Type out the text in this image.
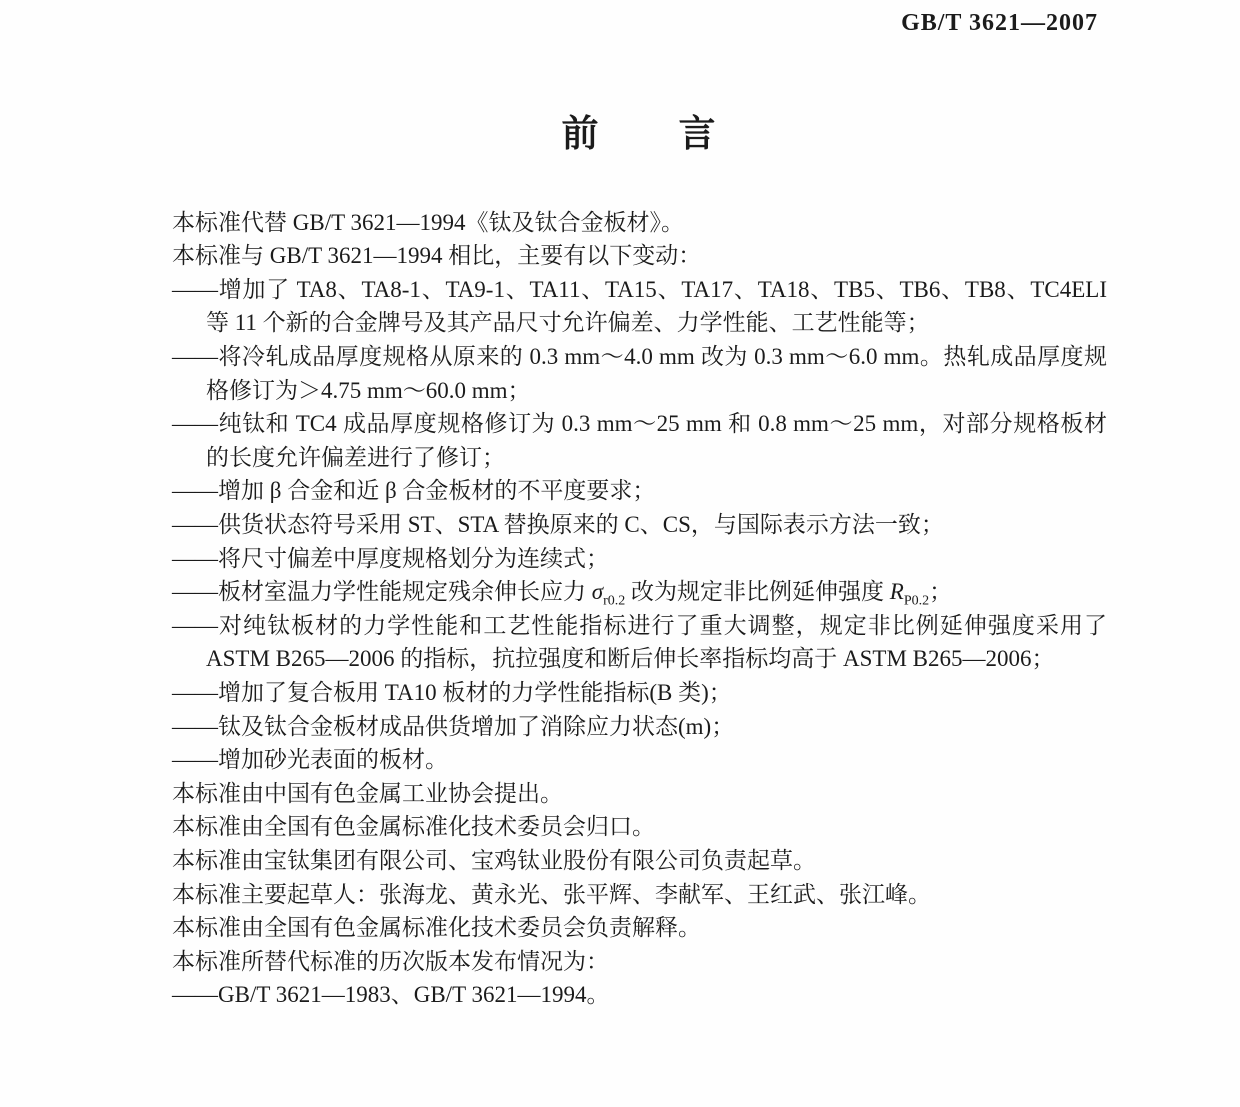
GB/T 3621—2007
前　　言

本标准代替 GB/T 3621—1994《钛及钛合金板材》。

本标准与 GB/T 3621—1994 相比，主要有以下变动：

——增加了 TA8、TA8-1、TA9-1、TA11、TA15、TA17、TA18、TB5、TB6、TB8、TC4ELI 等 11 个新的合金牌号及其产品尺寸允许偏差、力学性能、工艺性能等；

——将冷轧成品厚度规格从原来的 0.3 mm～4.0 mm 改为 0.3 mm～6.0 mm。热轧成品厚度规格修订为＞4.75 mm～60.0 mm；

——纯钛和 TC4 成品厚度规格修订为 0.3 mm～25 mm 和 0.8 mm～25 mm，对部分规格板材的长度允许偏差进行了修订；

——增加 β 合金和近 β 合金板材的不平度要求；

——供货状态符号采用 ST、STA 替换原来的 C、CS，与国际表示方法一致；

——将尺寸偏差中厚度规格划分为连续式；

——板材室温力学性能规定残余伸长应力 $\sigma_{r0.2}$ 改为规定非比例延伸强度 $R_{P0.2}$；

——对纯钛板材的力学性能和工艺性能指标进行了重大调整，规定非比例延伸强度采用了 ASTM B265—2006 的指标，抗拉强度和断后伸长率指标均高于 ASTM B265—2006；

——增加了复合板用 TA10 板材的力学性能指标(B 类)；

——钛及钛合金板材成品供货增加了消除应力状态(m)；

——增加砂光表面的板材。

本标准由中国有色金属工业协会提出。

本标准由全国有色金属标准化技术委员会归口。

本标准由宝钛集团有限公司、宝鸡钛业股份有限公司负责起草。

本标准主要起草人：张海龙、黄永光、张平辉、李献军、王红武、张江峰。

本标准由全国有色金属标准化技术委员会负责解释。

本标准所替代标准的历次版本发布情况为：

——GB/T 3621—1983、GB/T 3621—1994。
